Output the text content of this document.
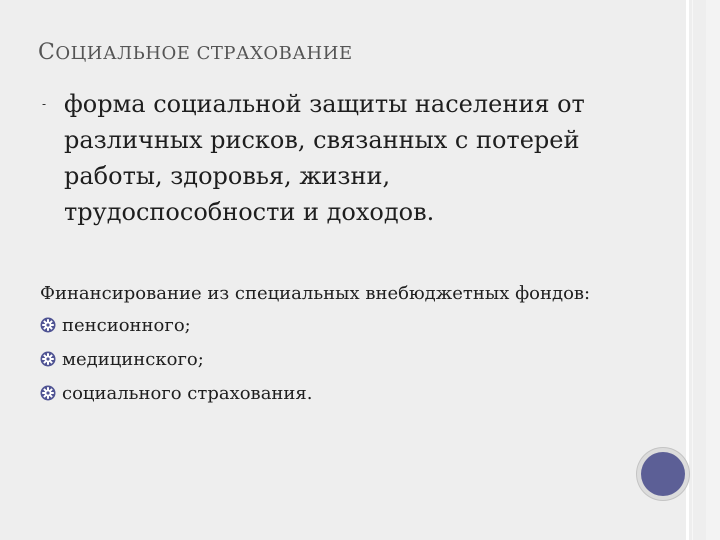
СОЦИАЛЬНОЕ СТРАХОВАНИЕ
- форма социальной защиты населения от
различных рисков, связанных с потерей
работы, здоровья, жизни,
трудоспособности и доходов.

Финансирование из специальных внебюджетных фондов:

пенсионного;
медицинского;
социального страхования.
